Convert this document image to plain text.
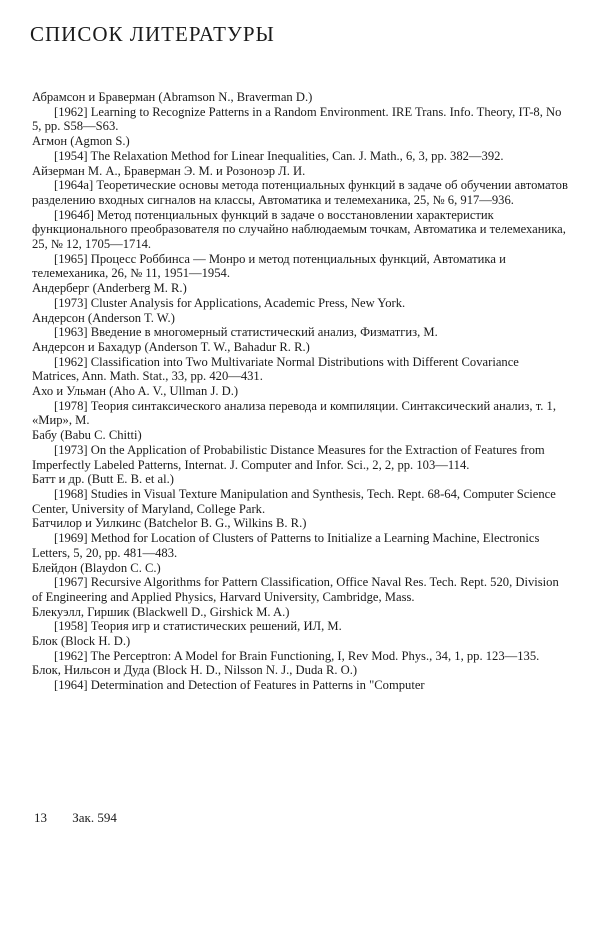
СПИСОК ЛИТЕРАТУРЫ
Абрамсон и Браверман (Abramson N., Braverman D.)
[1962] Learning to Recognize Patterns in a Random Environment. IRE Trans. Info. Theory, IT-8, No 5, pp. S58—S63.
Агмон (Agmon S.)
[1954] The Relaxation Method for Linear Inequalities, Can. J. Math., 6, 3, pp. 382—392.
Айзерман М. А., Браверман Э. М. и Розоноэр Л. И.
[1964a] Теоретические основы метода потенциальных функций в задаче об обучении автоматов разделению входных сигналов на классы, Автоматика и телемеханика, 25, № 6, 917—936.
[1964б] Метод потенциальных функций в задаче о восстановлении характеристик функционального преобразователя по случайно наблюдаемым точкам, Автоматика и телемеханика, 25, № 12, 1705—1714.
[1965] Процесс Роббинса — Монро и метод потенциальных функций, Автоматика и телемеханика, 26, № 11, 1951—1954.
Андерберг (Anderberg M. R.)
[1973] Cluster Analysis for Applications, Academic Press, New York.
Андерсон (Anderson T. W.)
[1963] Введение в многомерный статистический анализ, Физматгиз, М.
Андерсон и Бахадур (Anderson T. W., Bahadur R. R.)
[1962] Classification into Two Multivariate Normal Distributions with Different Covariance Matrices, Ann. Math. Stat., 33, pp. 420—431.
Ахо и Ульман (Aho A. V., Ullman J. D.)
[1978] Теория синтаксического анализа перевода и компиляции. Синтаксический анализ, т. 1, «Мир», М.
Бабу (Babu C. Chitti)
[1973] On the Application of Probabilistic Distance Measures for the Extraction of Features from Imperfectly Labeled Patterns, Internat. J. Computer and Infor. Sci., 2, 2, pp. 103—114.
Батт и др. (Butt E. B. et al.)
[1968] Studies in Visual Texture Manipulation and Synthesis, Tech. Rept. 68-64, Computer Science Center, University of Maryland, College Park.
Батчилор и Уилкинс (Batchelor B. G., Wilkins B. R.)
[1969] Method for Location of Clusters of Patterns to Initialize a Learning Machine, Electronics Letters, 5, 20, pp. 481—483.
Блейдон (Blaydon C. C.)
[1967] Recursive Algorithms for Pattern Classification, Office Naval Res. Tech. Rept. 520, Division of Engineering and Applied Physics, Harvard University, Cambridge, Mass.
Блекуэлл, Гиршик (Blackwell D., Girshick M. A.)
[1958] Теория игр и статистических решений, ИЛ, М.
Блок (Block H. D.)
[1962] The Perceptron: A Model for Brain Functioning, I, Rev Mod. Phys., 34, 1, pp. 123—135.
Блок, Нильсон и Дуда (Block H. D., Nilsson N. J., Duda R. O.)
[1964] Determination and Detection of Features in Patterns in "Computer
13 Зак. 594
